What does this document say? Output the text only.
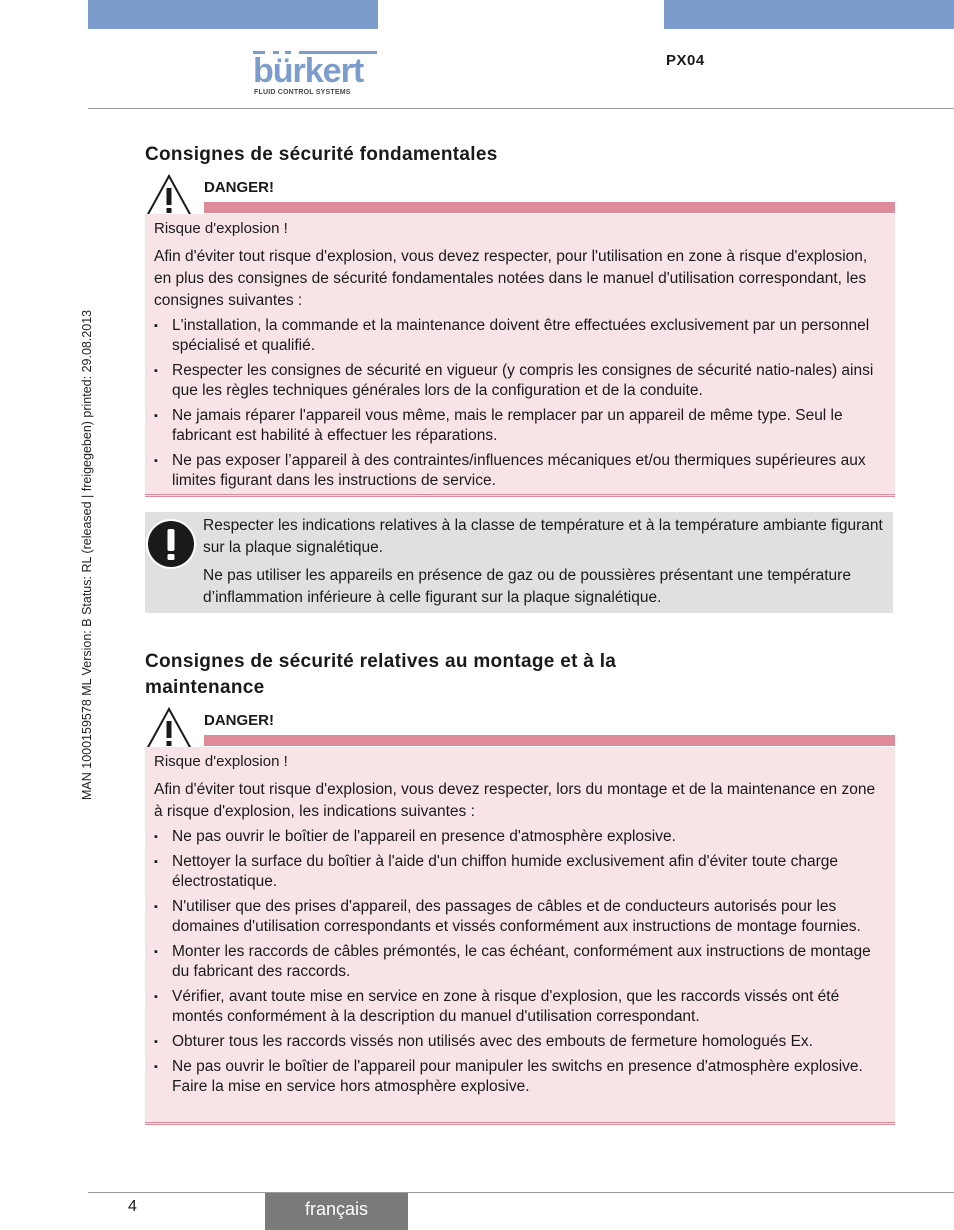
bürkert
FLUID CONTROL SYSTEMS
PX04
MAN 1000159578 ML Version: B Status: RL (released | freigegeben) printed: 29.08.2013
Consignes de sécurité fondamentales
DANGER!
Risque d'explosion !

Afin d'éviter tout risque d'explosion, vous devez respecter, pour l'utilisation en zone à risque d'explosion, en plus des consignes de sécurité fondamentales notées dans le manuel d'utilisation correspondant, les consignes suivantes :

▪ L'installation, la commande et la maintenance doivent être effectuées exclusivement par un personnel spécialisé et qualifié.
▪ Respecter les consignes de sécurité en vigueur (y compris les consignes de sécurité natio-nales) ainsi que les règles techniques générales lors de la configuration et de la conduite.
▪ Ne jamais réparer l'appareil vous même, mais le remplacer par un appareil de même type. Seul le fabricant est habilité à effectuer les réparations.
▪ Ne pas exposer l’appareil à des contraintes/influences mécaniques et/ou thermiques supérieures aux limites figurant dans les instructions de service.

Respecter les indications relatives à la classe de température et à la température ambiante figurant sur la plaque signalétique.

Ne pas utiliser les appareils en présence de gaz ou de poussières présentant une température d’inflammation inférieure à celle figurant sur la plaque signalétique.

Consignes de sécurité relatives au montage et à la
maintenance
DANGER!
Risque d'explosion !

Afin d'éviter tout risque d'explosion, vous devez respecter, lors du montage et de la maintenance en zone à risque d'explosion, les indications suivantes :

▪ Ne pas ouvrir le boîtier de l'appareil en presence d'atmosphère explosive.
▪ Nettoyer la surface du boîtier à l'aide d'un chiffon humide exclusivement afin d'éviter toute charge électrostatique.
▪ N'utiliser que des prises d'appareil, des passages de câbles et de conducteurs autorisés pour les domaines d'utilisation correspondants et vissés conformément aux instructions de montage fournies.
▪ Monter les raccords de câbles prémontés, le cas échéant, conformément aux instructions de montage du fabricant des raccords.
▪ Vérifier, avant toute mise en service en zone à risque d'explosion, que les raccords vissés ont été montés conformément à la description du manuel d'utilisation correspondant.
▪ Obturer tous les raccords vissés non utilisés avec des embouts de fermeture homologués Ex.
▪ Ne pas ouvrir le boîtier de l'appareil pour manipuler les switchs en presence d'atmosphère explosive. Faire la mise en service hors atmosphère explosive.
4	français
